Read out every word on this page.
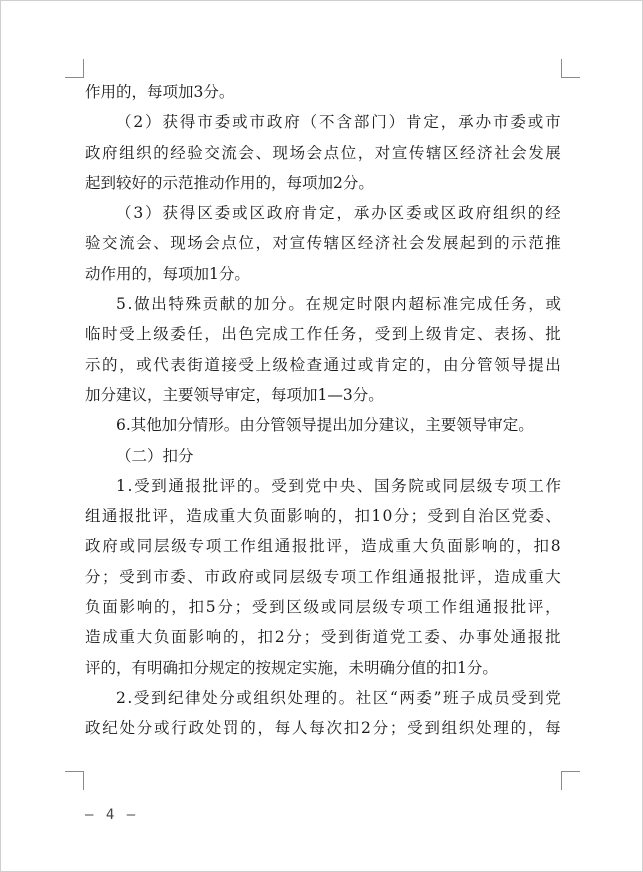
作用的，每项加3分。
（ 2 ） 获 得 市 委 或 市 政 府 （ 不 含 部 门 ） 肯 定 ， 承 办 市 委 或 市
政 府 组 织 的 经 验 交 流 会 、 现 场 会 点 位 ， 对 宣 传 辖 区 经 济 社 会 发 展
起到较好的示范推动作用的，每项加2分。
（ 3 ） 获 得 区 委 或 区 政 府 肯 定 ， 承 办 区 委 或 区 政 府 组 织 的 经
验 交 流 会 、 现 场 会 点 位 ， 对 宣 传 辖 区 经 济 社 会 发 展 起 到 的 示 范 推
动作用的，每项加1分。
5 . 做 出 特 殊 贡 献 的 加 分 。 在 规 定 时 限 内 超 标 准 完 成 任 务 ， 或
临 时 受 上 级 委 任 ， 出 色 完 成 工 作 任 务 ， 受 到 上 级 肯 定 、 表 扬 、 批
示 的 ， 或 代 表 街 道 接 受 上 级 检 查 通 过 或 肯 定 的 ， 由 分 管 领 导 提 出
加分建议，主要领导审定，每项加1—3分。
6.其他加分情形。由分管领导提出加分建议，主要领导审定。
（二）扣分
1 . 受 到 通 报 批 评 的 。 受 到 党 中 央 、 国 务 院 或 同 层 级 专 项 工 作
组 通 报 批 评 ， 造 成 重 大 负 面 影 响 的 ， 扣 1 0 分 ； 受 到 自 治 区 党 委 、
政 府 或 同 层 级 专 项 工 作 组 通 报 批 评 ， 造 成 重 大 负 面 影 响 的 ， 扣 8
分 ； 受 到 市 委 、 市 政 府 或 同 层 级 专 项 工 作 组 通 报 批 评 ， 造 成 重 大
负 面 影 响 的 ， 扣 5 分 ； 受 到 区 级 或 同 层 级 专 项 工 作 组 通 报 批 评 ，
造 成 重 大 负 面 影 响 的 ， 扣 2 分 ； 受 到 街 道 党 工 委 、 办 事 处 通 报 批
评的，有明确扣分规定的按规定实施，未明确分值的扣1分。
2 . 受 到 纪 律 处 分 或 组 织 处 理 的 。 社 区 “ 两 委 ” 班 子 成 员 受 到 党
政 纪 处 分 或 行 政 处 罚 的 ， 每 人 每 次 扣 2 分 ； 受 到 组 织 处 理 的 ， 每
— 4 —
